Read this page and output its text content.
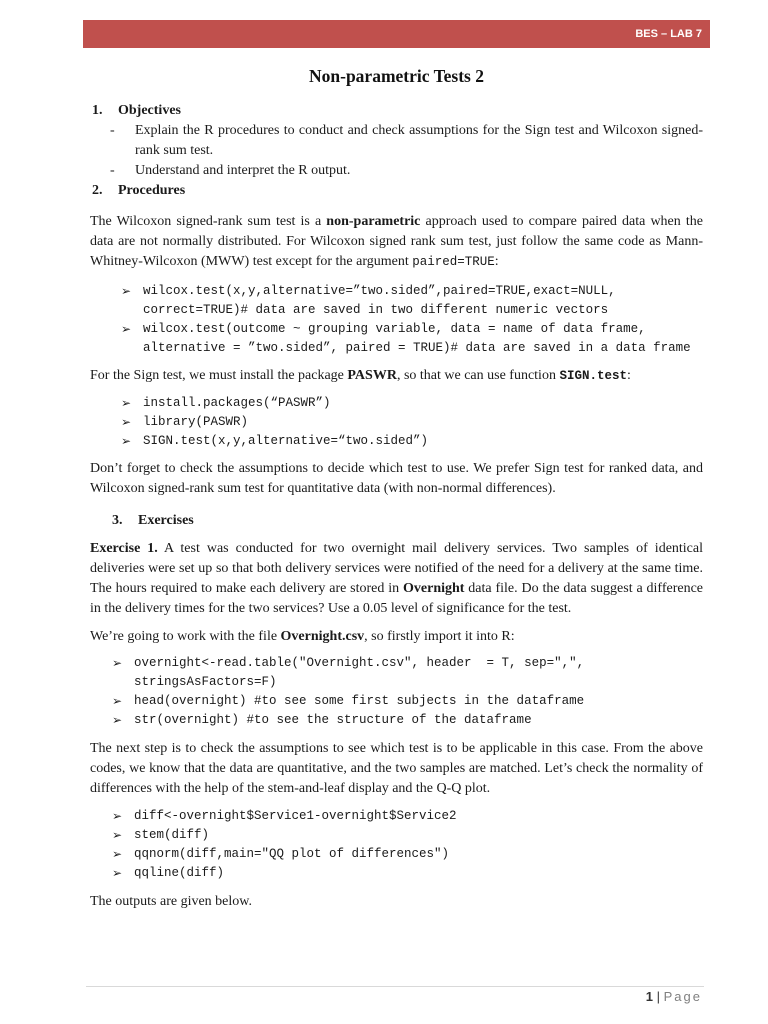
BES – LAB 7
Non-parametric Tests 2
1.	Objectives
-	Explain the R procedures to conduct and check assumptions for the Sign test and Wilcoxon signed-rank sum test.
-	Understand and interpret the R output.
2.	Procedures

The Wilcoxon signed-rank sum test is a non-parametric approach used to compare paired data when the data are not normally distributed. For Wilcoxon signed rank sum test, just follow the same code as Mann-Whitney-Wilcoxon (MWW) test except for the argument paired=TRUE:

➢ wilcox.test(x,y,alternative=”two.sided”,paired=TRUE,exact=NULL, correct=TRUE)# data are saved in two different numeric vectors
➢ wilcox.test(outcome ~ grouping variable, data = name of data frame, alternative = ”two.sided”, paired = TRUE)# data are saved in a data frame

For the Sign test, we must install the package PASWR, so that we can use function SIGN.test:

➢ install.packages(“PASWR”)
➢ library(PASWR)
➢ SIGN.test(x,y,alternative=“two.sided”)

Don’t forget to check the assumptions to decide which test to use. We prefer Sign test for ranked data, and Wilcoxon signed-rank sum test for quantitative data (with non-normal differences).

3.	Exercises

Exercise 1. A test was conducted for two overnight mail delivery services. Two samples of identical deliveries were set up so that both delivery services were notified of the need for a delivery at the same time. The hours required to make each delivery are stored in Overnight data file. Do the data suggest a difference in the delivery times for the two services? Use a 0.05 level of significance for the test.

We’re going to work with the file Overnight.csv, so firstly import it into R:

➢ overnight<-read.table("Overnight.csv", header  = T, sep=",", stringsAsFactors=F)
➢ head(overnight) #to see some first subjects in the dataframe
➢ str(overnight) #to see the structure of the dataframe

The next step is to check the assumptions to see which test is to be applicable in this case. From the above codes, we know that the data are quantitative, and the two samples are matched. Let’s check the normality of differences with the help of the stem-and-leaf display and the Q-Q plot.

➢ diff<-overnight$Service1-overnight$Service2
➢ stem(diff)
➢ qqnorm(diff,main="QQ plot of differences")
➢ qqline(diff)

The outputs are given below.

1 | Page
